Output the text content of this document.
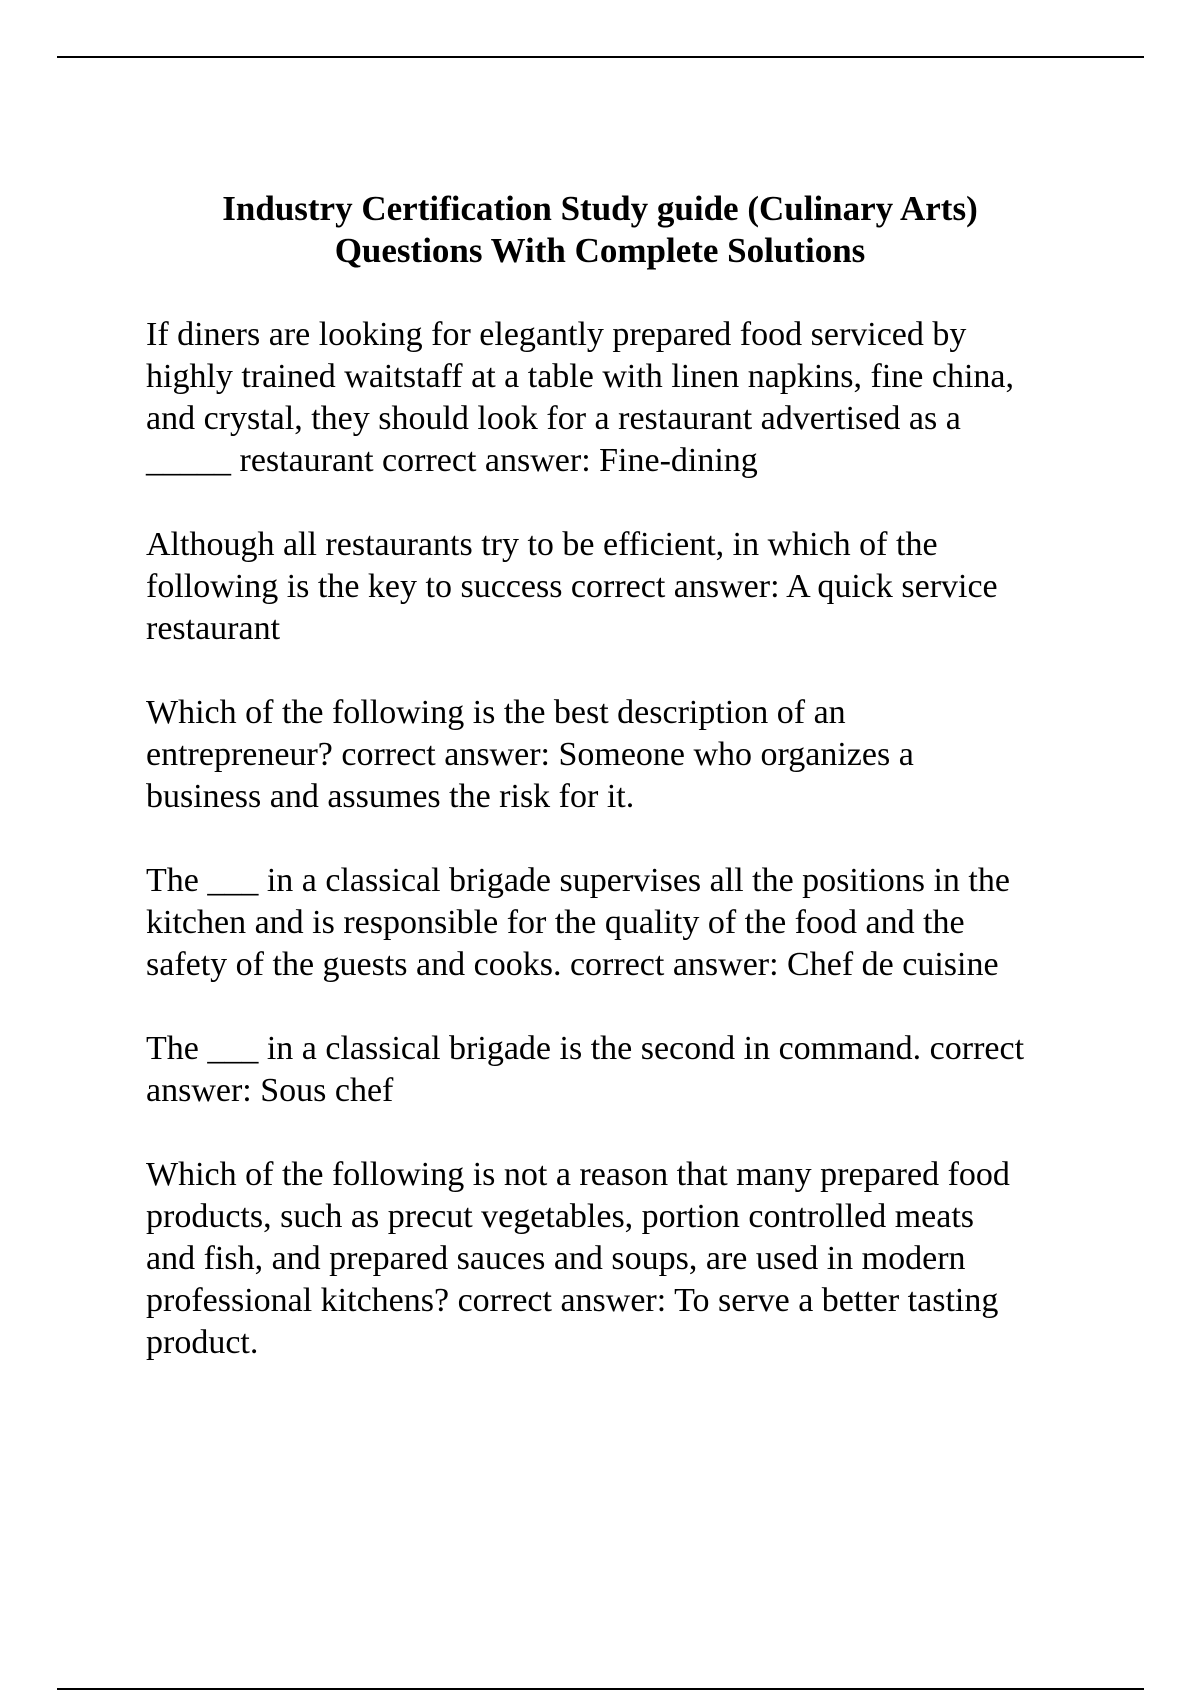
Industry Certification Study guide (Culinary Arts)
Questions With Complete Solutions
If diners are looking for elegantly prepared food serviced by
highly trained waitstaff at a table with linen napkins, fine china,
and crystal, they should look for a restaurant advertised as a
_____ restaurant correct answer: Fine-dining
Although all restaurants try to be efficient, in which of the
following is the key to success correct answer: A quick service
restaurant
Which of the following is the best description of an
entrepreneur? correct answer: Someone who organizes a
business and assumes the risk for it.
The ___ in a classical brigade supervises all the positions in the
kitchen and is responsible for the quality of the food and the
safety of the guests and cooks. correct answer: Chef de cuisine
The ___ in a classical brigade is the second in command. correct
answer: Sous chef
Which of the following is not a reason that many prepared food
products, such as precut vegetables, portion controlled meats
and fish, and prepared sauces and soups, are used in modern
professional kitchens? correct answer: To serve a better tasting
product.
